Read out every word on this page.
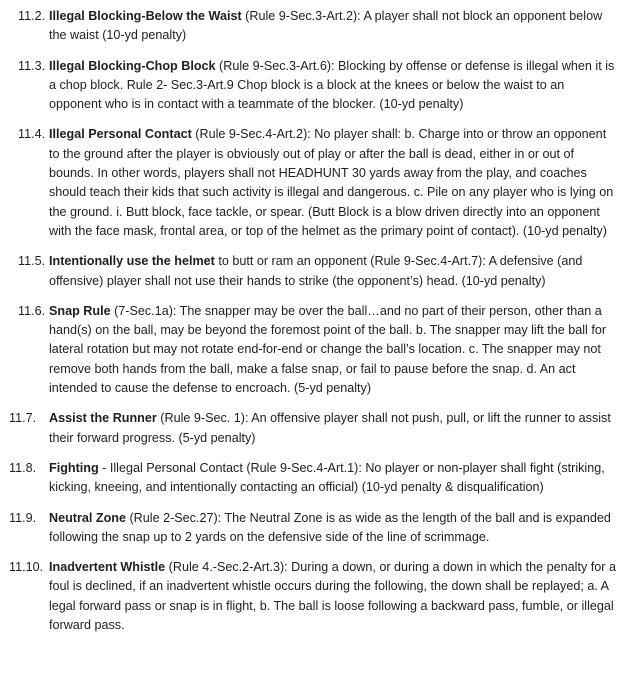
11.2. Illegal Blocking-Below the Waist (Rule 9-Sec.3-Art.2): A player shall not block an opponent below the waist (10-yd penalty)
11.3. Illegal Blocking-Chop Block (Rule 9-Sec.3-Art.6): Blocking by offense or defense is illegal when it is a chop block. Rule 2- Sec.3-Art.9 Chop block is a block at the knees or below the waist to an opponent who is in contact with a teammate of the blocker. (10-yd penalty)
11.4. Illegal Personal Contact (Rule 9-Sec.4-Art.2): No player shall: b. Charge into or throw an opponent to the ground after the player is obviously out of play or after the ball is dead, either in or out of bounds. In other words, players shall not HEADHUNT 30 yards away from the play, and coaches should teach their kids that such activity is illegal and dangerous. c. Pile on any player who is lying on the ground. i. Butt block, face tackle, or spear. (Butt Block is a blow driven directly into an opponent with the face mask, frontal area, or top of the helmet as the primary point of contact). (10-yd penalty)
11.5. Intentionally use the helmet to butt or ram an opponent (Rule 9-Sec.4-Art.7): A defensive (and offensive) player shall not use their hands to strike (the opponent’s) head. (10-yd penalty)
11.6. Snap Rule (7-Sec.1a): The snapper may be over the ball…and no part of their person, other than a hand(s) on the ball, may be beyond the foremost point of the ball. b. The snapper may lift the ball for lateral rotation but may not rotate end-for-end or change the ball’s location. c. The snapper may not remove both hands from the ball, make a false snap, or fail to pause before the snap. d. An act intended to cause the defense to encroach. (5-yd penalty)
11.7. Assist the Runner (Rule 9-Sec. 1): An offensive player shall not push, pull, or lift the runner to assist their forward progress. (5-yd penalty)
11.8. Fighting - Illegal Personal Contact (Rule 9-Sec.4-Art.1): No player or non-player shall fight (striking, kicking, kneeing, and intentionally contacting an official) (10-yd penalty & disqualification)
11.9. Neutral Zone (Rule 2-Sec.27): The Neutral Zone is as wide as the length of the ball and is expanded following the snap up to 2 yards on the defensive side of the line of scrimmage.
11.10. Inadvertent Whistle (Rule 4.-Sec.2-Art.3): During a down, or during a down in which the penalty for a foul is declined, if an inadvertent whistle occurs during the following, the down shall be replayed; a. A legal forward pass or snap is in flight, b. The ball is loose following a backward pass, fumble, or illegal forward pass.
